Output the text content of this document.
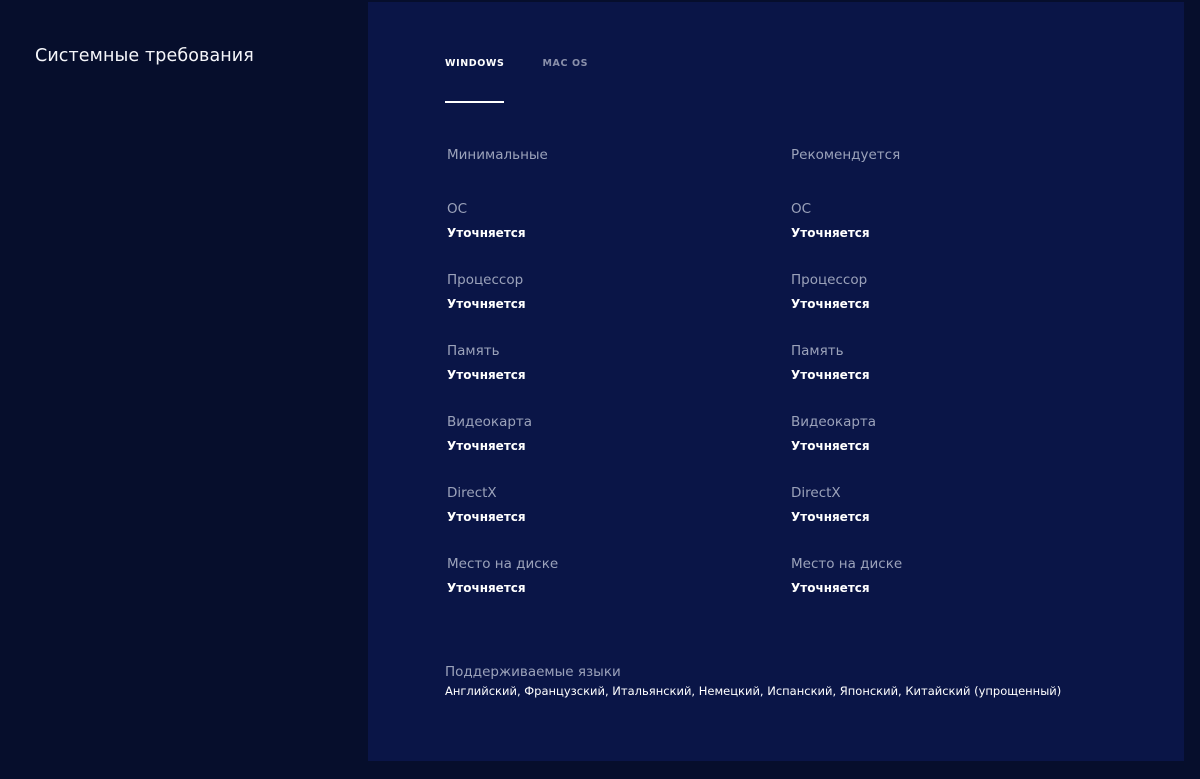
Системные требования	WINDOWS	MAC OS
Минимальные
ОС
Уточняется
Процессор
Уточняется
Память
Уточняется
Видеокарта
Уточняется
DirectX
Уточняется
Место на диске
Уточняется
Рекомендуется
ОС
Уточняется
Процессор
Уточняется
Память
Уточняется
Видеокарта
Уточняется
DirectX
Уточняется
Место на диске
Уточняется
Поддерживаемые языки
Английский, Французский, Итальянский, Немецкий, Испанский, Японский, Китайский (упрощенный)
